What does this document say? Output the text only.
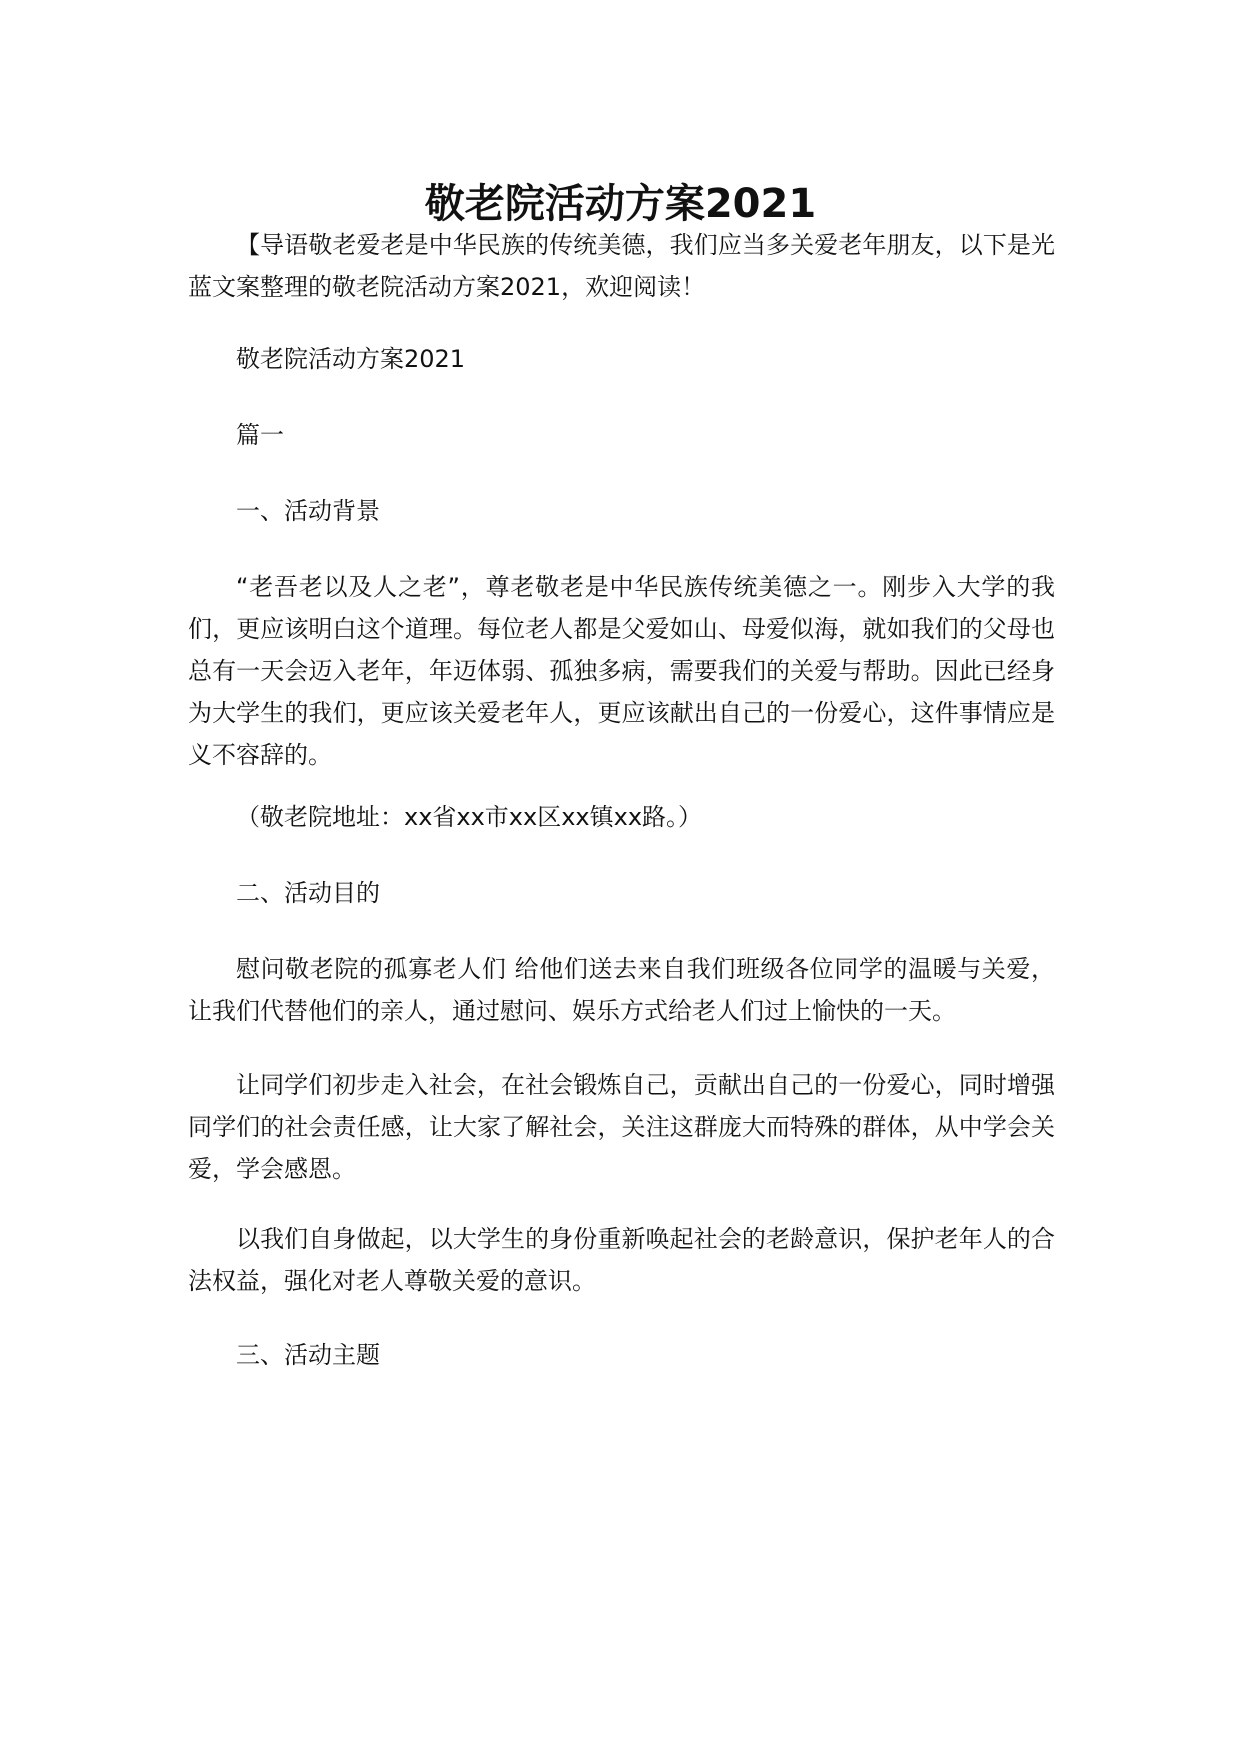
敬老院活动方案2021

【导语敬老爱老是中华民族的传统美德，我们应当多关爱老年朋友，以下是光蓝文案整理的敬老院活动方案2021，欢迎阅读！

敬老院活动方案2021

篇一

一、活动背景

“老吾老以及人之老”，尊老敬老是中华民族传统美德之一。刚步入大学的我们，更应该明白这个道理。每位老人都是父爱如山、母爱似海，就如我们的父母也总有一天会迈入老年，年迈体弱、孤独多病，需要我们的关爱与帮助。因此已经身为大学生的我们，更应该关爱老年人，更应该献出自己的一份爱心，这件事情应是义不容辞的。

（敬老院地址：xx省xx市xx区xx镇xx路。）

二、活动目的

慰问敬老院的孤寡老人们 给他们送去来自我们班级各位同学的温暖与关爱，让我们代替他们的亲人，通过慰问、娱乐方式给老人们过上愉快的一天。

让同学们初步走入社会，在社会锻炼自己，贡献出自己的一份爱心，同时增强同学们的社会责任感，让大家了解社会，关注这群庞大而特殊的群体，从中学会关爱，学会感恩。

以我们自身做起，以大学生的身份重新唤起社会的老龄意识，保护老年人的合法权益，强化对老人尊敬关爱的意识。

三、活动主题
